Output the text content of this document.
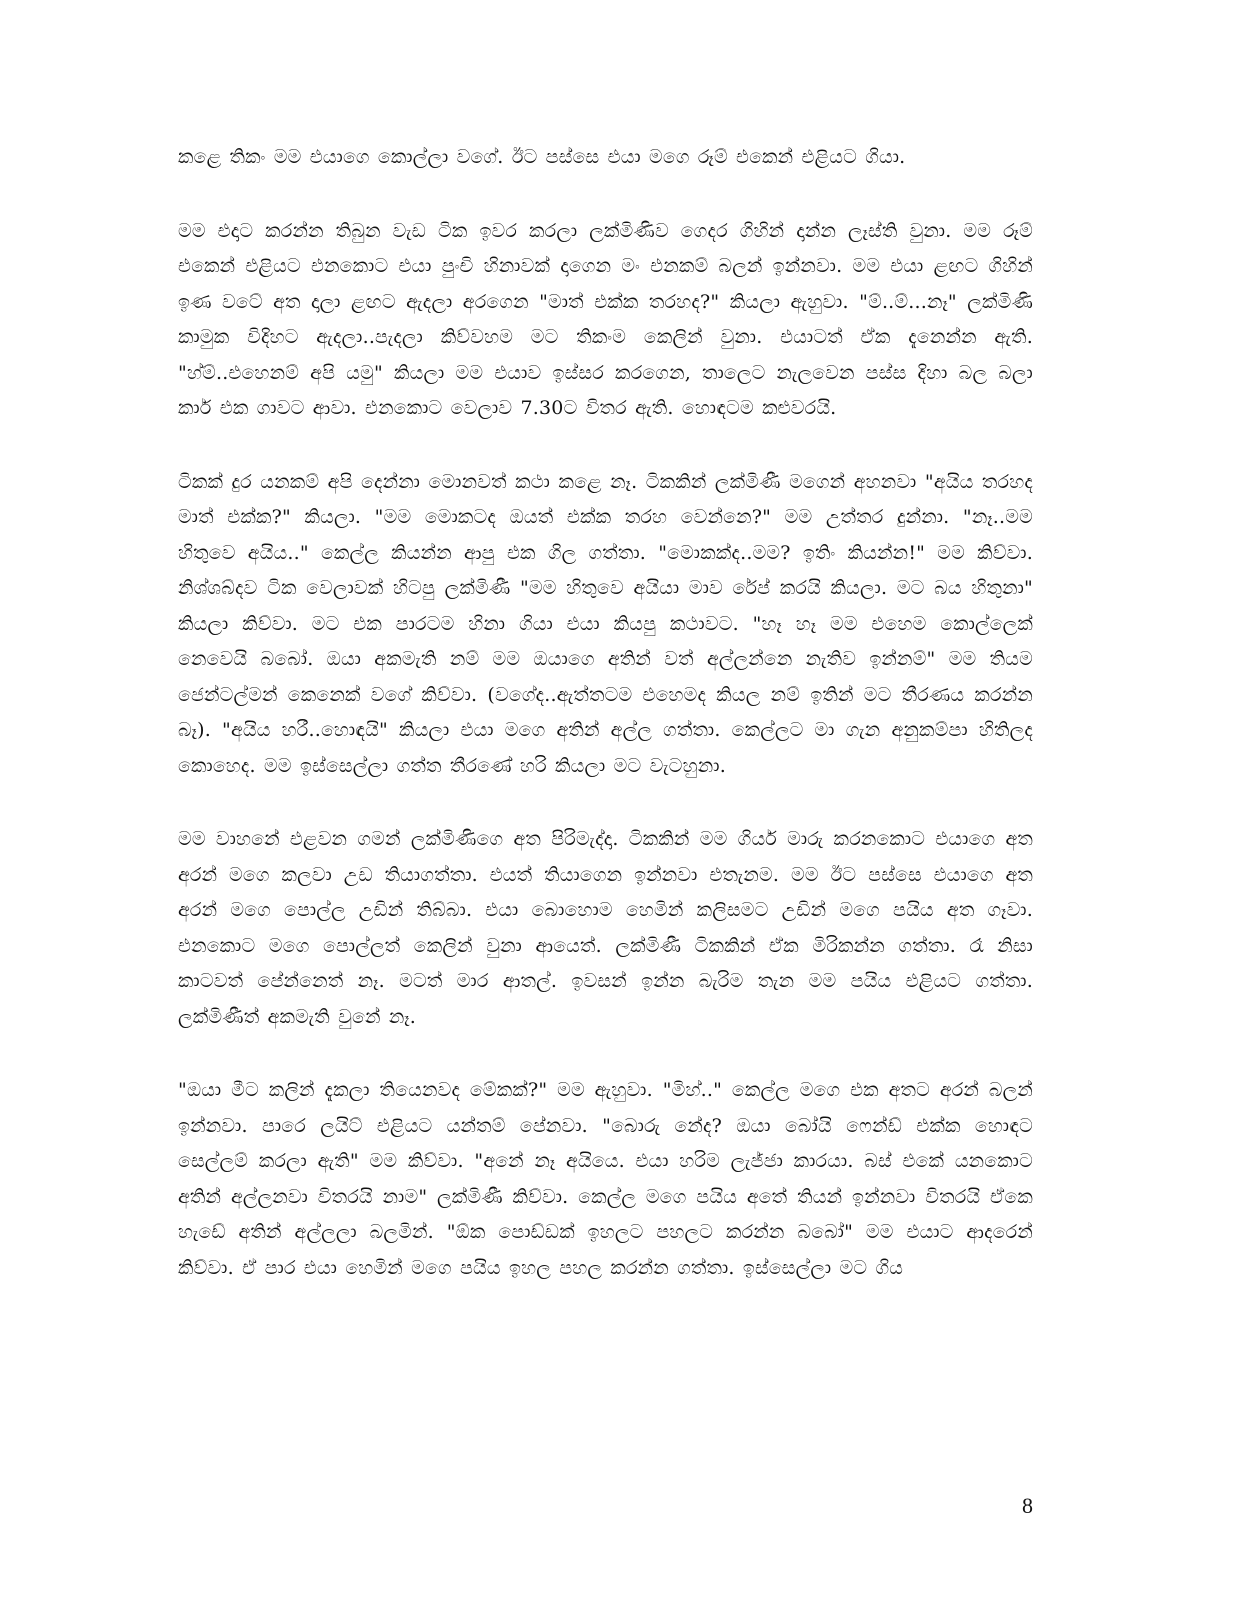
කළෙ තිකං මම එයාගෙ කොල්ලා වගේ. ඊට පස්සෙ එයා මගෙ රූම් එකෙන් එළියට ගියා.

මම එදාට කරන්න තිබුන වැඩ ටික ඉවර කරලා ලක්මිණිව ගෙදර ගිහින් දාන්න ලෑස්ති වුනා. මම රූම් එකෙන් එළියට එනකොට එයා පුංචි හිනාවක් දාගෙන මං එනකම් බලන් ඉන්නවා. මම එයා ළඟට ගිහින් ඉණ වටේ අත දාලා ළඟට ඇදලා අරගෙන "මාත් එක්ක තරහද?" කියලා ඇහුවා. "ම්..ම්...නෑ" ලක්මිණි කාමුක විදිහට ඇදලා..පැදලා කිව්වහම මට තිකංම කෙලින් වුනා. එයාටත් ඒක දැනෙන්න ඇති. "හ්ම්..එහෙනම් අපි යමු" කියලා මම එයාව ඉස්සර කරගෙන, තාලෙට නැලවෙන පස්ස දිහා බල බලා කාර් එක ගාවට ආවා. එනකොට වෙලාව 7.30ට විතර ඇති. හොඳටම කළුවරයි.

ටිකක් දුර යනකම් අපි දෙන්නා මොනවත් කථා කළෙ නෑ. ටිකකින් ලක්මිණී මගෙන් අහනවා "අයිය තරහද මාත් එක්ක?" කියලා. "මම මොකටද ඔයත් එක්ක තරහ වෙන්නෙ?" මම උත්තර දුන්නා. "නෑ..මම හිතුවෙ අයිය.." කෙල්ල කියන්න ආපු එක ගිල ගත්තා. "මොකක්ද..මම? ඉතිං කියන්න!" මම කිව්වා. නිශ්ශබ්දව ටික වෙලාවක් හිටපු ලක්මිණී "මම හිතුවෙ අයියා මාව රේප් කරයි කියලා. මට බය හිතුනා" කියලා කිව්වා. මට එක පාරටම හිනා ගියා එයා කියපු කථාවට. "හෑ හෑ මම එහෙම කොල්ලෙක් නෙවෙයි බබෝ. ඔයා අකමැති නම් මම ඔයාගෙ අතින් වත් අල්ලන්නෙ නැතිව ඉන්නම්" මම තියම ජෙන්ටල්මන් කෙනෙක් වගේ කිව්වා. (වගේද..ඇත්තටම එහෙමද කියල නම් ඉතින් මට තීරණය කරන්න බෑ). "අයිය හරී..හොඳයි" කියලා එයා මගෙ අතින් අල්ල ගත්තා. කෙල්ලට මා ගැන අනුකම්පා හිතිලද කොහෙද. මම ඉස්සෙල්ලා ගත්ත තීරණේ හරි කියලා මට වැටහුනා.

මම වාහනේ එළවන ගමන් ලක්මිණිගෙ අත පිරිමැද්දා. ටිකකින් මම ගියර් මාරු කරනකොට එයාගෙ අත අරන් මගෙ කලවා උඩ තියාගත්තා. එයත් තියාගෙන ඉන්නවා එතැනම. මම ඊට පස්සෙ එයාගෙ අත අරන් මගෙ පොල්ල උඩින් තිබ්බා. එයා බොහොම හෙමින් කලිසමට උඩින් මගෙ පයිය අත ගෑවා. එනකොට මගෙ පොල්ලත් කෙලින් වුනා ආයෙත්. ලක්මිණී ටිකකින් ඒක මිරිකන්න ගත්තා. රෑ නිසා කාටවත් පේන්නෙත් නෑ. මටත් මාර ආතල්. ඉවසන් ඉන්න බැරිම තැන මම පයිය එළියට ගත්තා. ලක්මිණීත් අකමැති වුනේ නෑ.

"ඔයා මීට කලින් දැකලා තියෙනවද මේකක්?" මම ඇහුවා. "මිහ්.." කෙල්ල මගෙ එක අතට අරන් බලන් ඉන්නවා. පාරෙ ලයිට් එළියට යන්තම් පේනවා. "බොරු නේද? ඔයා බෝයි ෆෙන්ඩ් එක්ක හොඳට සෙල්ලම් කරලා ඇති" මම කිව්වා. "අනේ නෑ අයියෙ. එයා හරිම ලැජ්ජා කාරයා. බස් එකේ යනකොට අතින් අල්ලනවා විතරයි නාම" ලක්මිණී කිව්වා. කෙල්ල මගෙ පයිය අතේ තියන් ඉන්නවා විතරයි ඒකෙ හැඩේ අතින් අල්ලලා බලමින්. "ඕක පොඩ්ඩක් ඉහලට පහලට කරන්න බබෝ" මම එයාට ආදරෙන් කිව්වා. ඒ පාර එයා හෙමින් මගෙ පයිය ඉහල පහල කරන්න ගත්තා. ඉස්සෙල්ලා මට ගිය

8
